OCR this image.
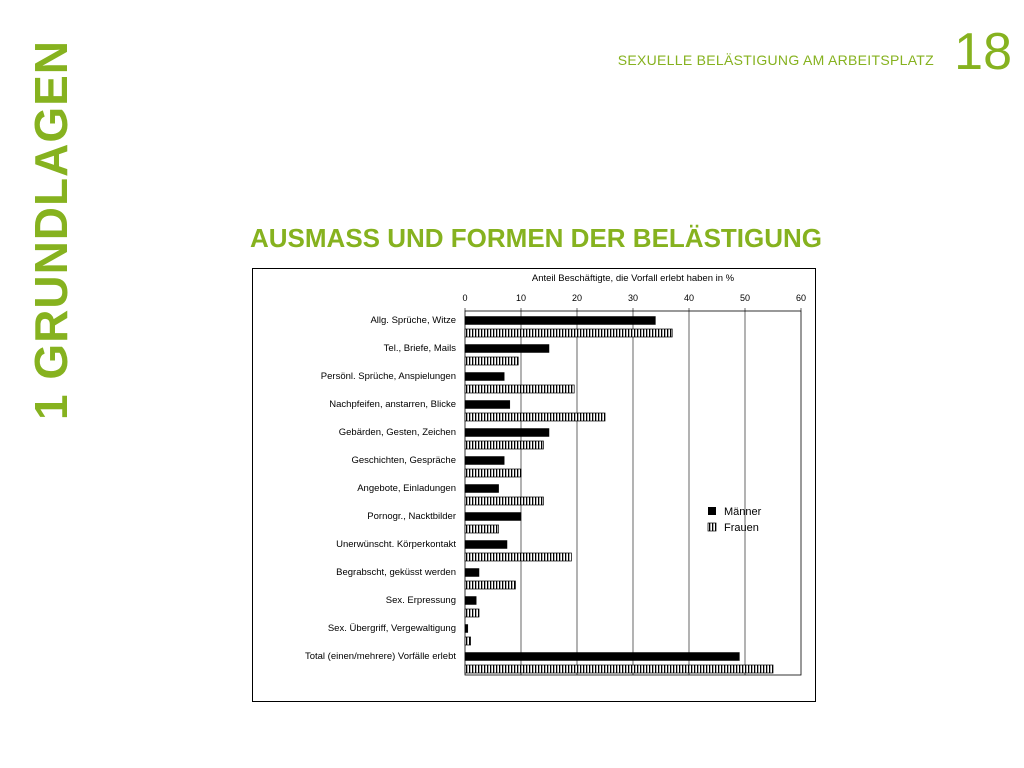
1 GRUNDLAGEN	SEXUELLE BELÄSTIGUNG AM ARBEITSPLATZ 18
AUSMASS UND FORMEN DER BELÄSTIGUNG
Anteil Beschäftigte, die Vorfall erlebt haben in %
0	10	20	30	40	50	60
Allg. Sprüche, Witze
Tel., Briefe, Mails
Persönl. Sprüche, Anspielungen
Nachpfeifen, anstarren, Blicke
Gebärden, Gesten, Zeichen
Geschichten, Gespräche
Angebote, Einladungen
Pornogr., Nacktbilder
Unerwünscht. Körperkontakt
Begrabscht, geküsst werden
Sex. Erpressung
Sex. Übergriff, Vergewaltigung
Total (einen/mehrere) Vorfälle erlebt
Männer
Frauen
